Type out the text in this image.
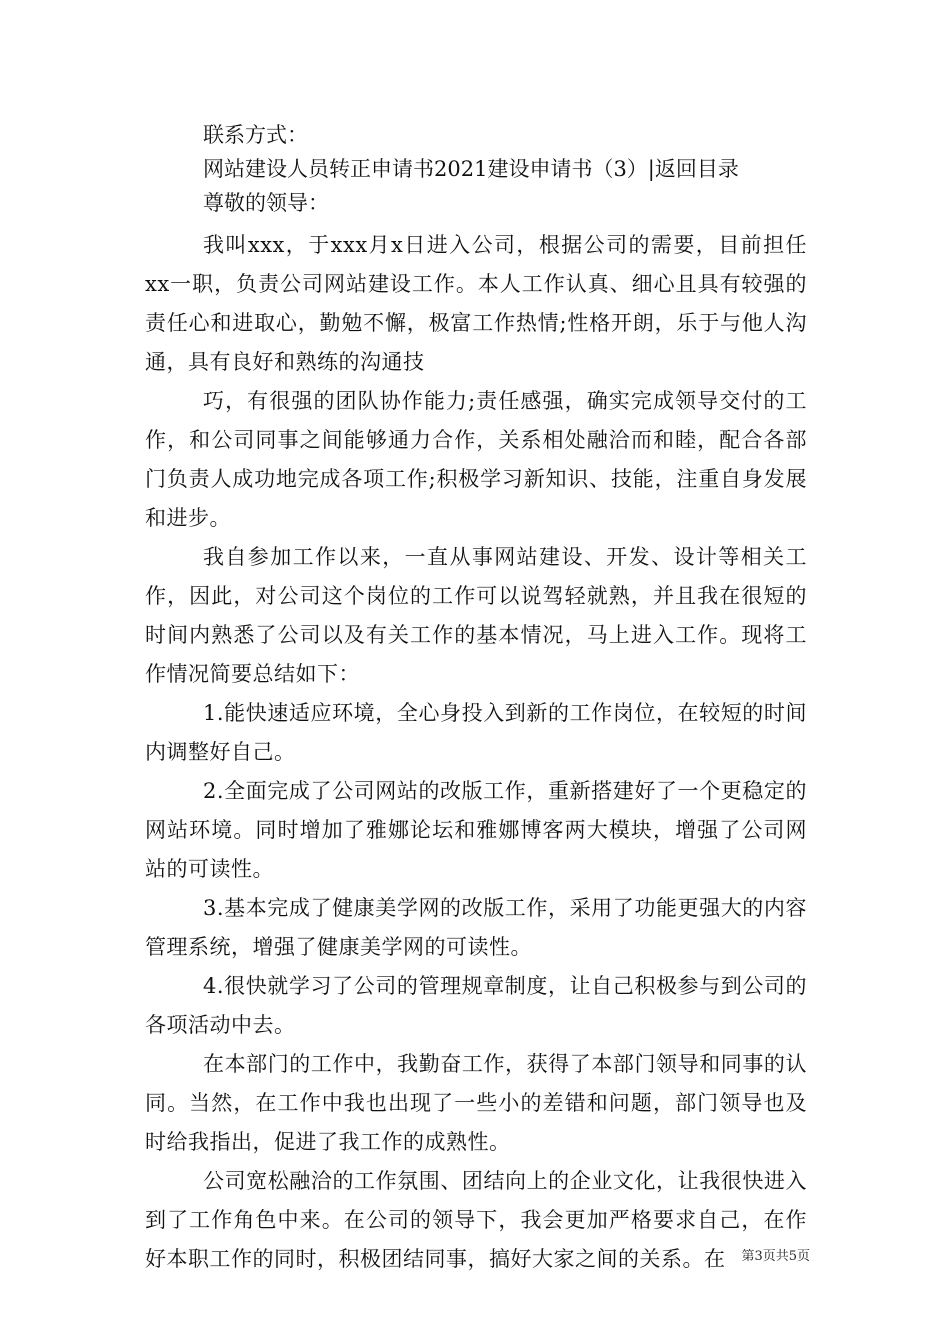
联系方式：
网站建设人员转正申请书2021建设申请书（3）|返回目录
尊敬的领导：

我叫xxx，于xxx月x日进入公司，根据公司的需要，目前担任xx一职，负责公司网站建设工作。本人工作认真、细心且具有较强的责任心和进取心，勤勉不懈，极富工作热情;性格开朗，乐于与他人沟通，具有良好和熟练的沟通技

巧，有很强的团队协作能力;责任感强，确实完成领导交付的工作，和公司同事之间能够通力合作，关系相处融洽而和睦，配合各部门负责人成功地完成各项工作;积极学习新知识、技能，注重自身发展和进步。

我自参加工作以来，一直从事网站建设、开发、设计等相关工作，因此，对公司这个岗位的工作可以说驾轻就熟，并且我在很短的时间内熟悉了公司以及有关工作的基本情况，马上进入工作。现将工作情况简要总结如下：

1.能快速适应环境，全心身投入到新的工作岗位，在较短的时间内调整好自己。

2.全面完成了公司网站的改版工作，重新搭建好了一个更稳定的网站环境。同时增加了雅娜论坛和雅娜博客两大模块，增强了公司网站的可读性。

3.基本完成了健康美学网的改版工作，采用了功能更强大的内容管理系统，增强了健康美学网的可读性。

4.很快就学习了公司的管理规章制度，让自己积极参与到公司的各项活动中去。

在本部门的工作中，我勤奋工作，获得了本部门领导和同事的认同。当然，在工作中我也出现了一些小的差错和问题，部门领导也及时给我指出，促进了我工作的成熟性。

公司宽松融洽的工作氛围、团结向上的企业文化，让我很快进入到了工作角色中来。在公司的领导下，我会更加严格要求自己，在作好本职工作的同时，积极团结同事，搞好大家之间的关系。在	第3页共5页
